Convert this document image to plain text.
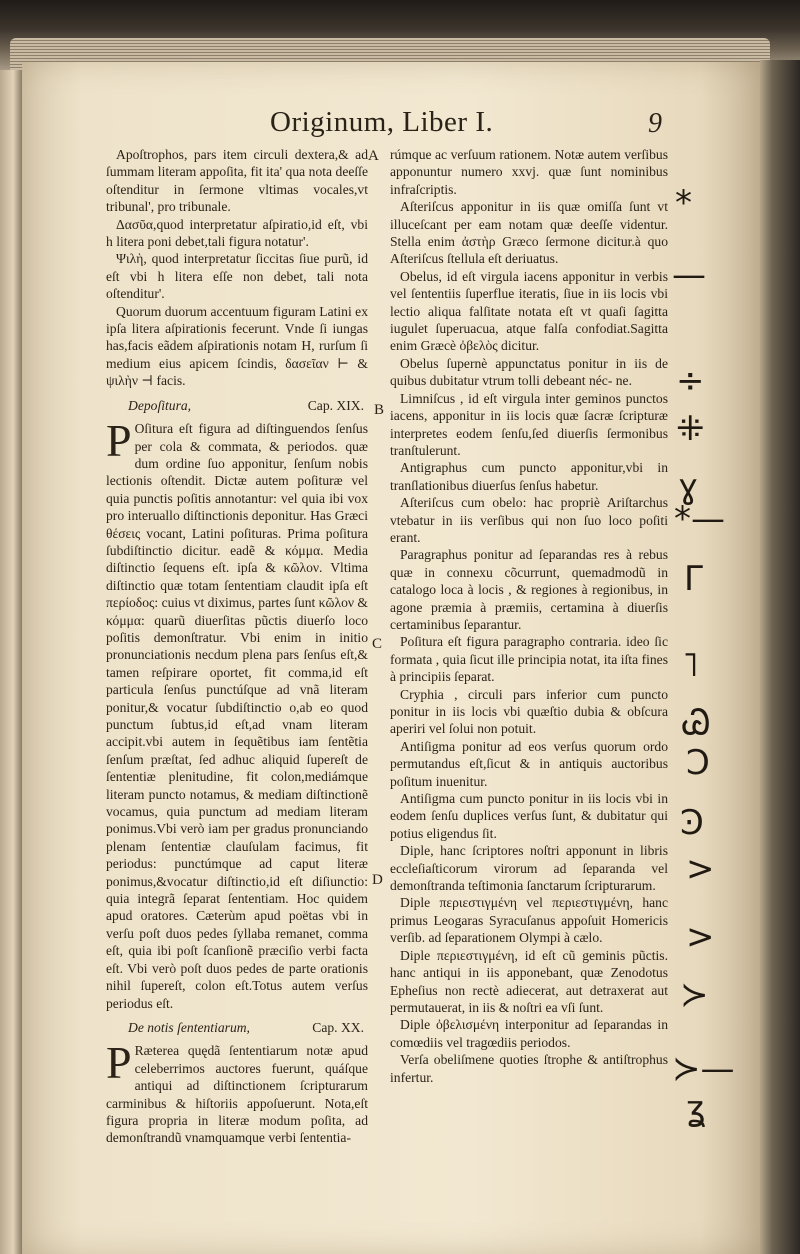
Originum, Liber I.	9

Apoſtrophos, pars item circuli dextera,& ad ſummam literam appoſita, fit ita' qua nota deeſſe oſtenditur in ſermone vltimas vocales,vt tribunal', pro tribunale.

Δασῦα,quod interpretatur aſpiratio,id eſt, vbi h litera poni debet,tali figura notatur'.

Ψιλὴ, quod interpretatur ſiccitas ſiue purũ, id eſt vbi h litera eſſe non debet, tali nota oſtenditur'.

Quorum duorum accentuum figuram Latini ex ipſa litera aſpirationis fecerunt. Vnde ſi iungas has,facis eãdem aſpirationis notam H, rurſum ſi medium eius apicem ſcindis, δασεῖαν ⊢ & ψιλὴν ⊣ facis.

Depoſitura,	Cap. XIX.

P Oſitura eſt figura ad diſtinguendos ſenſus per cola & commata, & periodos. quæ dum ordine ſuo apponitur, ſenſum nobis lectionis oſtendit. Dictæ autem poſituræ vel quia punctis poſitis annotantur: vel quia ibi vox pro interuallo diſtinctionis deponitur. Has Græci θέσεις vocant, Latini poſituras. Prima poſitura ſubdiſtinctio dicitur. eadẽ & κόμμα. Media diſtinctio ſequens eſt. ipſa & κῶλον. Vltima diſtinctio quæ totam ſententiam claudit ipſa eſt περίοδος: cuius vt diximus, partes ſunt κῶλον & κόμμα: quarũ diuerſitas pũctis diuerſo loco poſitis demonſtratur. Vbi enim in initio pronunciationis necdum plena pars ſenſus eſt,& tamen reſpirare oportet, fit comma,id eſt particula ſenſus punctúſque ad vnã literam ponitur,& vocatur ſubdiſtinctio o,ab eo quod punctum ſubtus,id eſt,ad vnam literam accipit.vbi autem in ſequẽtibus iam ſentẽtia ſenſum præſtat, ſed adhuc aliquid ſupereſt de ſententiæ plenitudine, fit colon,mediámque literam puncto notamus, & mediam diſtinctionẽ vocamus, quia punctum ad mediam literam ponimus.Vbi verò iam per gradus pronunciando plenam ſententiæ clauſulam facimus, fit periodus: punctúmque ad caput literæ ponimus,&vocatur diſtinctio,id eſt diſiunctio: quia integrã ſeparat ſententiam. Hoc quidem apud oratores. Cæterùm apud poëtas vbi in verſu poſt duos pedes ſyllaba remanet, comma eſt, quia ibi poſt ſcanſionẽ præciſio verbi facta eſt. Vbi verò poſt duos pedes de parte orationis nihil ſupereſt, colon eſt.Totus autem verſus periodus eſt.

De notis ſententiarum,	Cap. XX.

P Ræterea quędã ſententiarum notæ apud celeberrimos auctores fuerunt, quáſque antiqui ad diſtinctionem ſcripturarum carminibus & hiſtoriis appoſuerunt. Nota,eſt figura propria in literæ modum poſita, ad demonſtrandũ vnamquamque verbi ſententia-

A
B
C
D

rúmque ac verſuum rationem. Notæ autem verſibus apponuntur numero xxvj. quæ ſunt nominibus infraſcriptis.

Aſteriſcus apponitur in iis quæ omiſſa ſunt vt illuceſcant per eam notam quæ deeſſe videntur. Stella enim ἀστὴρ Græco ſermone dicitur.à quo Aſteriſcus ſtellula eſt deriuatus.

Obelus, id eſt virgula iacens apponitur in verbis vel ſententiis ſuperflue iteratis, ſiue in iis locis vbi lectio aliqua falſitate notata eſt vt quaſi ſagitta iugulet ſuperuacua, atque falſa confodiat.Sagitta enim Græcè ὀβελὸς dicitur.

Obelus ſupernè appunctatus ponitur in iis de quibus dubitatur vtrum tolli debeant néc- ne.

Limniſcus , id eſt virgula inter geminos punctos iacens, apponitur in iis locis quæ ſacræ ſcripturæ interpretes eodem ſenſu,ſed diuerſis ſermonibus tranſtulerunt.

Antigraphus cum puncto apponitur,vbi in tranſlationibus diuerſus ſenſus habetur.

Aſteriſcus cum obelo: hac propriè Ariſtarchus vtebatur in iis verſibus qui non ſuo loco poſiti erant.

Paragraphus ponitur ad ſeparandas res à rebus quæ in connexu cõcurrunt, quemadmodũ in catalogo loca à locis , & regiones à regionibus, in agone præmia à præmiis, certamina à diuerſis certaminibus ſeparantur.

Poſitura eſt figura paragrapho contraria. ideo ſic formata , quia ſicut ille principia notat, ita iſta fines à principiis ſeparat.

Cryphia , circuli pars inferior cum puncto ponitur in iis locis vbi quæſtio dubia & obſcura aperiri vel ſolui non potuit.

Antiſigma ponitur ad eos verſus quorum ordo permutandus eſt,ſicut & in antiquis auctoribus poſitum inuenitur.

Antiſigma cum puncto ponitur in iis locis vbi in eodem ſenſu duplices verſus ſunt, & dubitatur qui potius eligendus ſit.

Diple, hanc ſcriptores noſtri apponunt in libris eccleſiaſticorum virorum ad ſeparanda vel demonſtranda teſtimonia ſanctarum ſcripturarum.

Diple περιεστιγμένη vel περιεστιγμένη, hanc primus Leogaras Syracuſanus appoſuit Homericis verſib. ad ſeparationem Olympi à cælo.

Diple περιεστιγμένη, id eſt cũ geminis pũctis. hanc antiqui in iis apponebant, quæ Zenodotus Epheſius non rectè adiecerat, aut detraxerat aut permutauerat, in iis & noſtri ea vſi ſunt.

Diple ὀβελισμένη interponitur ad ſeparandas in comœdiis vel tragœdiis periodos.

Verſa obeliſmene quoties ſtrophe & antiſtrophus infertur.

*
—
÷
⁜
ɣ
*—
Γ
˥
Ꮚ
Ͻ
Ͽ
>
>
≻
≻—
ʓ
